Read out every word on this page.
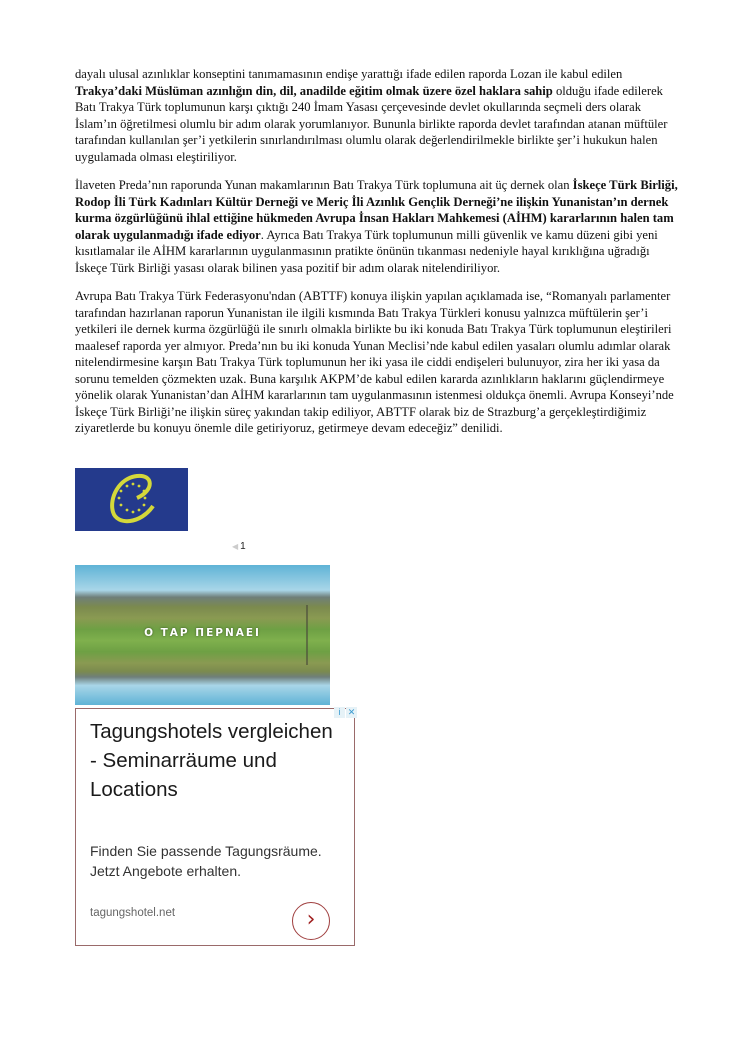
dayalı ulusal azınlıklar konseptini tanımamasının endişe yarattığı ifade edilen raporda Lozan ile kabul edilen Trakya’daki Müslüman azınlığın din, dil, anadilde eğitim olmak üzere özel haklara sahip olduğu ifade edilerek Batı Trakya Türk toplumunun karşı çıktığı 240 İmam Yasası çerçevesinde devlet okullarında seçmeli ders olarak İslam’ın öğretilmesi olumlu bir adım olarak yorumlanıyor. Bununla birlikte raporda devlet tarafından atanan müftüler tarafından kullanılan şer’i yetkilerin sınırlandırılması olumlu olarak değerlendirilmekle birlikte şer’i hukukun halen uygulamada olması eleştiriliyor.

İlaveten Preda’nın raporunda Yunan makamlarının Batı Trakya Türk toplumuna ait üç dernek olan İskeçe Türk Birliği, Rodop İli Türk Kadınları Kültür Derneği ve Meriç İli Azınlık Gençlik Derneği’ne ilişkin Yunanistan’ın dernek kurma özgürlüğünü ihlal ettiğine hükmeden Avrupa İnsan Hakları Mahkemesi (AİHM) kararlarının halen tam olarak uygulanmadığı ifade ediyor. Ayrıca Batı Trakya Türk toplumunun milli güvenlik ve kamu düzeni gibi yeni kısıtlamalar ile AİHM kararlarının uygulanmasının pratikte önünün tıkanması nedeniyle hayal kırıklığına uğradığı İskeçe Türk Birliği yasası olarak bilinen yasa pozitif bir adım olarak nitelendiriliyor.

Avrupa Batı Trakya Türk Federasyonu'ndan (ABTTF) konuya ilişkin yapılan açıklamada ise, “Romanyalı parlamenter tarafından hazırlanan raporun Yunanistan ile ilgili kısmında Batı Trakya Türkleri konusu yalnızca müftülerin şer’i yetkileri ile dernek kurma özgürlüğü ile sınırlı olmakla birlikte bu iki konuda Batı Trakya Türk toplumunun eleştirileri maalesef raporda yer almıyor. Preda’nın bu iki konuda Yunan Meclisi’nde kabul edilen yasaları olumlu adımlar olarak nitelendirmesine karşın Batı Trakya Türk toplumunun her iki yasa ile ciddi endişeleri bulunuyor, zira her iki yasa da sorunu temelden çözmekten uzak. Buna karşılık AKPM’de kabul edilen kararda azınlıkların haklarını güçlendirmeye yönelik olarak Yunanistan’dan AİHM kararlarının tam uygulanmasının istenmesi oldukça önemli. Avrupa Konseyi’nde İskeçe Türk Birliği’ne ilişkin süreç yakından takip ediliyor, ABTTF olarak biz de Strazburg’a gerçekleştirdiğimiz ziyaretlerde bu konuyu önemle dile getiriyoruz, getirmeye devam edeceğiz” denilidi.

◀ 1
Ο ΤΑΡ ΠΕΡΝΑΕΙ
i ✕
Tagungshotels vergleichen - Seminarräume und Locations
Finden Sie passende Tagungsräume. Jetzt Angebote erhalten.
tagungshotel.net	›
